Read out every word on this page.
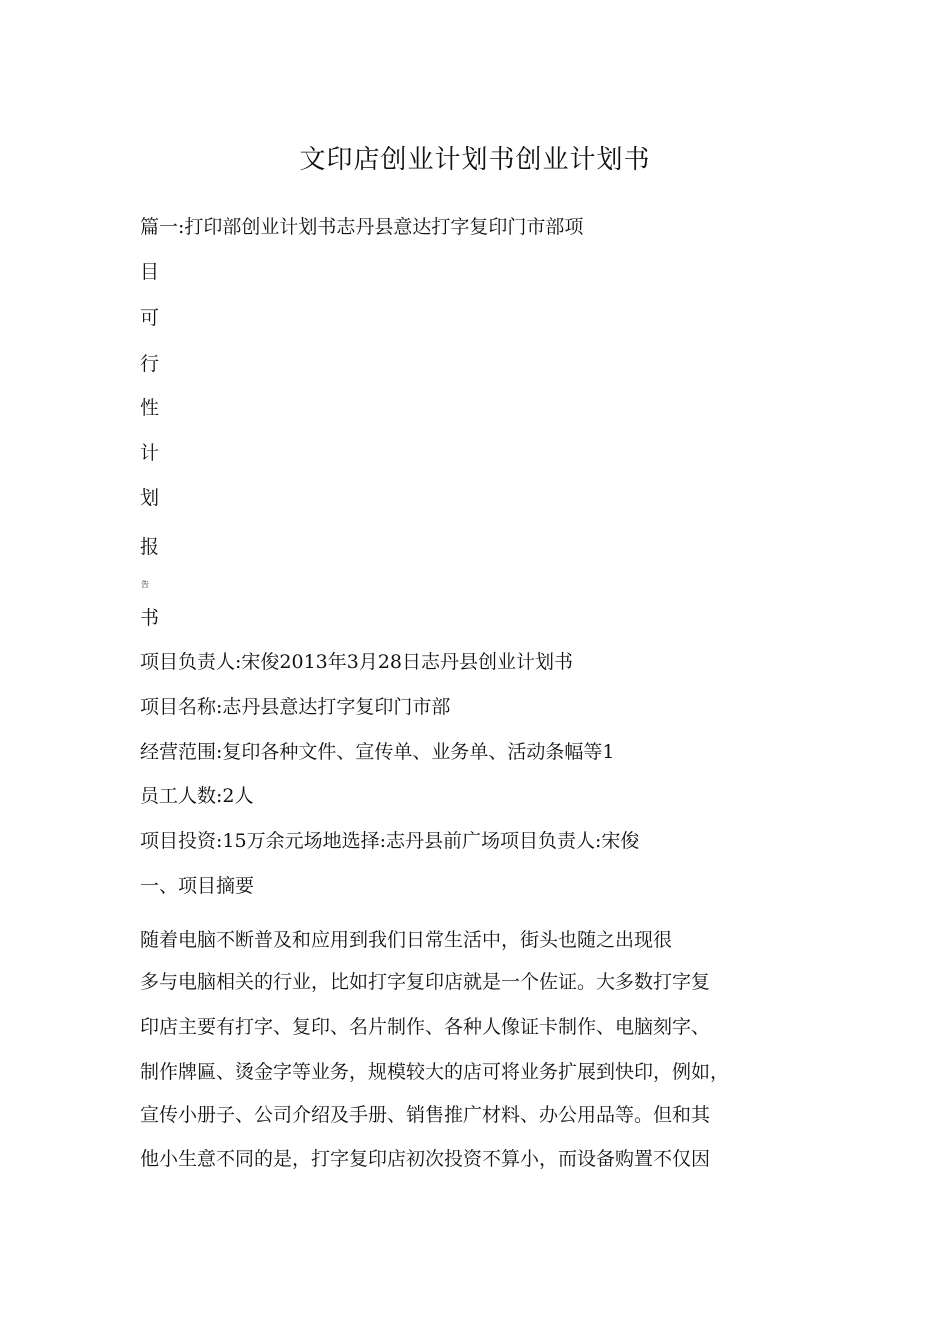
文印店创业计划书创业计划书
篇一:打印部创业计划书志丹县意达打字复印门市部项
目
可
行
性
计
划
报
告
书
项目负责人:宋俊2013年3月28日志丹县创业计划书
项目名称:志丹县意达打字复印门市部
经营范围:复印各种文件、宣传单、业务单、活动条幅等1
员工人数:2人
项目投资:15万余元场地选择:志丹县前广场项目负责人:宋俊
一、项目摘要
随着电脑不断普及和应用到我们日常生活中，街头也随之出现很
多与电脑相关的行业，比如打字复印店就是一个佐证。大多数打字复
印店主要有打字、复印、名片制作、各种人像证卡制作、电脑刻字、
制作牌匾、烫金字等业务，规模较大的店可将业务扩展到快印，例如，
宣传小册子、公司介绍及手册、销售推广材料、办公用品等。但和其
他小生意不同的是，打字复印店初次投资不算小，而设备购置不仅因
